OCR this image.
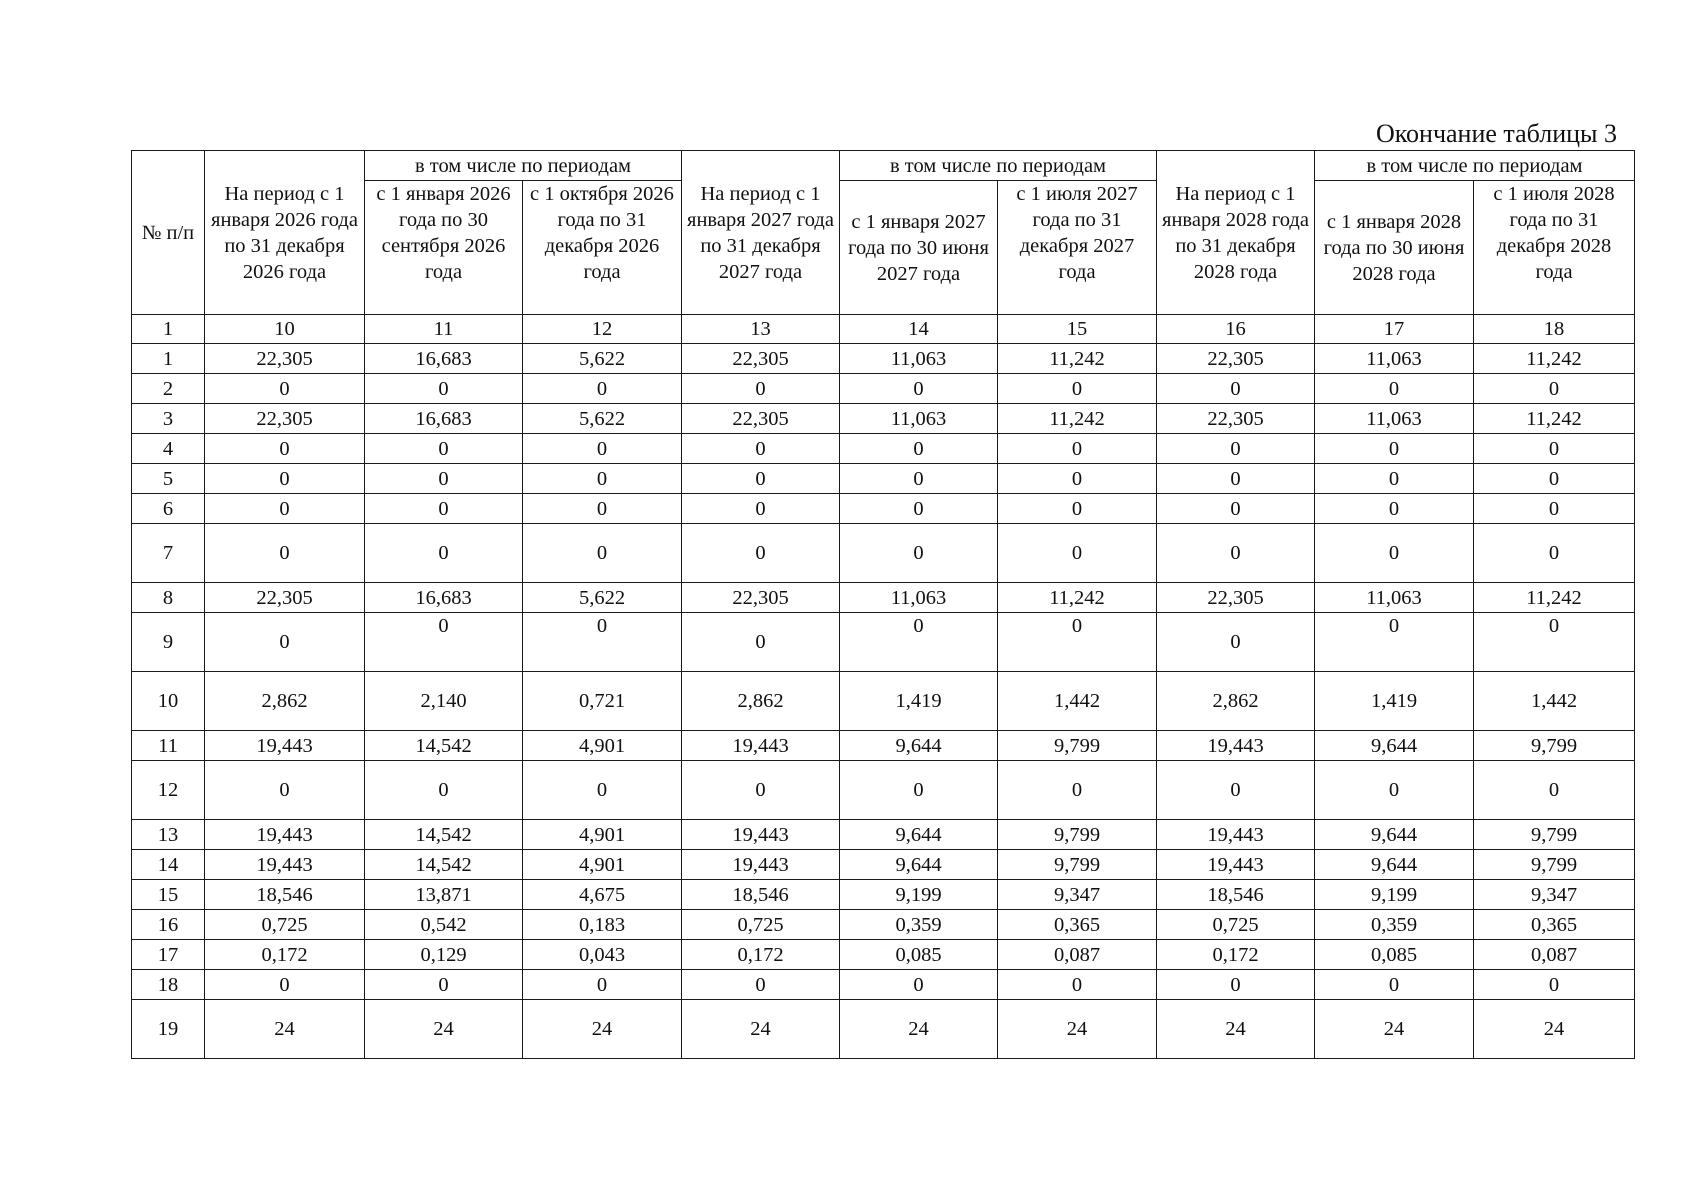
Окончание таблицы 3
№ п/п	На период с 1 января 2026 года по 31 декабря 2026 года	в том числе по периодам		На период с 1 января 2027 года по 31 декабря 2027 года	в том числе по периодам		На период с 1 января 2028 года по 31 декабря 2028 года	в том числе по периодам	
		с 1 января 2026 года по 30 сентября 2026 года	с 1 октября 2026 года по 31 декабря 2026 года		с 1 января 2027 года по 30 июня 2027 года	с 1 июля 2027 года по 31 декабря 2027 года		с 1 января 2028 года по 30 июня 2028 года	с 1 июля 2028 года по 31 декабря 2028 года
1	10	11	12	13	14	15	16	17	18
1	22,305	16,683	5,622	22,305	11,063	11,242	22,305	11,063	11,242
2	0	0	0	0	0	0	0	0	0
3	22,305	16,683	5,622	22,305	11,063	11,242	22,305	11,063	11,242
4	0	0	0	0	0	0	0	0	0
5	0	0	0	0	0	0	0	0	0
6	0	0	0	0	0	0	0	0	0
7	0	0	0	0	0	0	0	0	0
8	22,305	16,683	5,622	22,305	11,063	11,242	22,305	11,063	11,242
9	0	0	0	0	0	0	0	0	0
10	2,862	2,140	0,721	2,862	1,419	1,442	2,862	1,419	1,442
11	19,443	14,542	4,901	19,443	9,644	9,799	19,443	9,644	9,799
12	0	0	0	0	0	0	0	0	0
13	19,443	14,542	4,901	19,443	9,644	9,799	19,443	9,644	9,799
14	19,443	14,542	4,901	19,443	9,644	9,799	19,443	9,644	9,799
15	18,546	13,871	4,675	18,546	9,199	9,347	18,546	9,199	9,347
16	0,725	0,542	0,183	0,725	0,359	0,365	0,725	0,359	0,365
17	0,172	0,129	0,043	0,172	0,085	0,087	0,172	0,085	0,087
18	0	0	0	0	0	0	0	0	0
19	24	24	24	24	24	24	24	24	24
